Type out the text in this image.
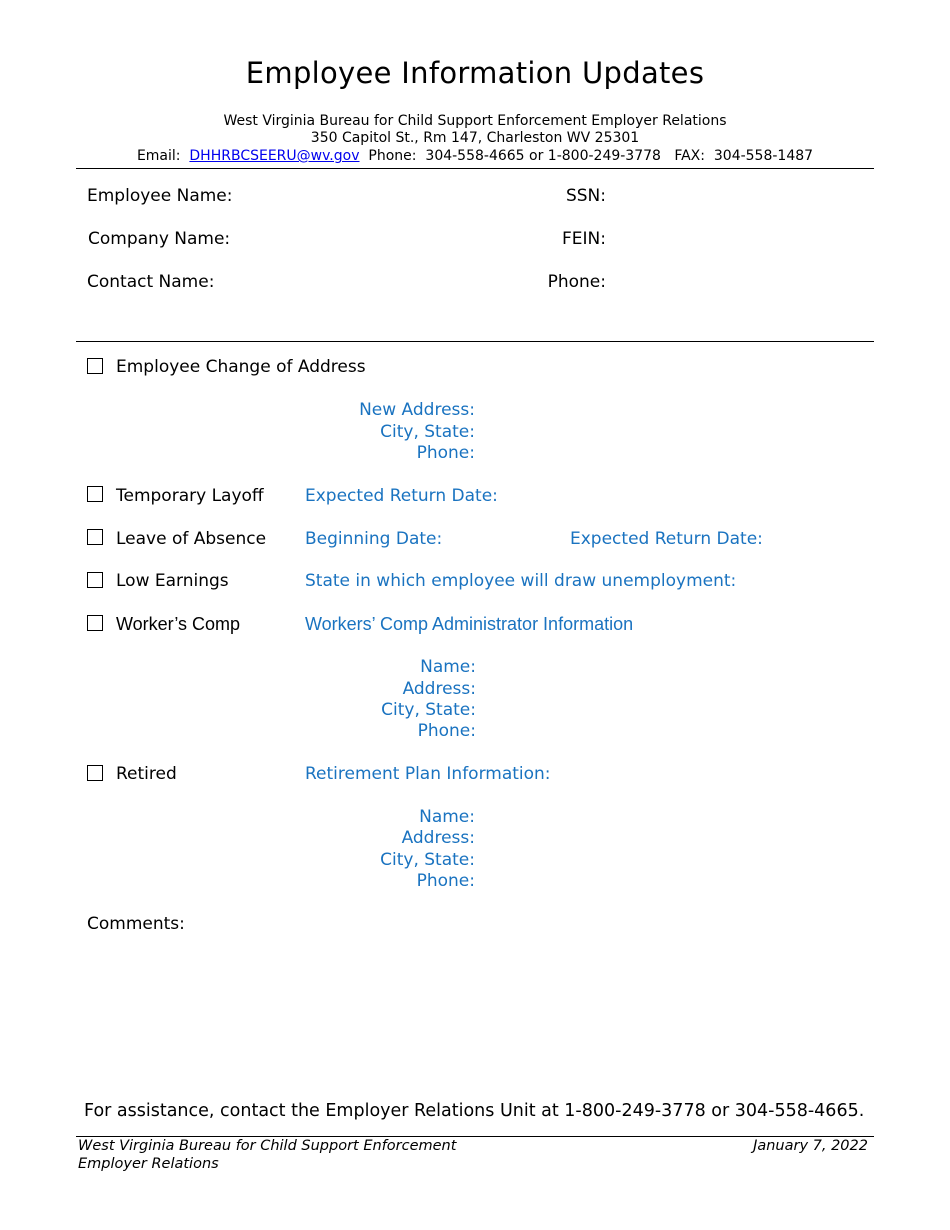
Employee Information Updates
West Virginia Bureau for Child Support Enforcement Employer Relations
350 Capitol St., Rm 147, Charleston WV 25301
Email: DHHRBCSEERU@wv.gov Phone: 304-558-4665 or 1-800-249-3778 FAX: 304-558-1487
Employee Name:	SSN:
Company Name:	FEIN:
Contact Name:	Phone:
Employee Change of Address
New Address:
City, State:
Phone:
Temporary Layoff Expected Return Date:
Leave of Absence Beginning Date:	Expected Return Date:
Low Earnings	State in which employee will draw unemployment:
Worker’s Comp	Workers’ Comp Administrator Information
Name:
Address:
City, State:
Phone:
Retired	Retirement Plan Information:
Name:
Address:
City, State:
Phone:
Comments:
For assistance, contact the Employer Relations Unit at 1-800-249-3778 or 304-558-4665.
West Virginia Bureau for Child Support Enforcement
Employer Relations
January 7, 2022
